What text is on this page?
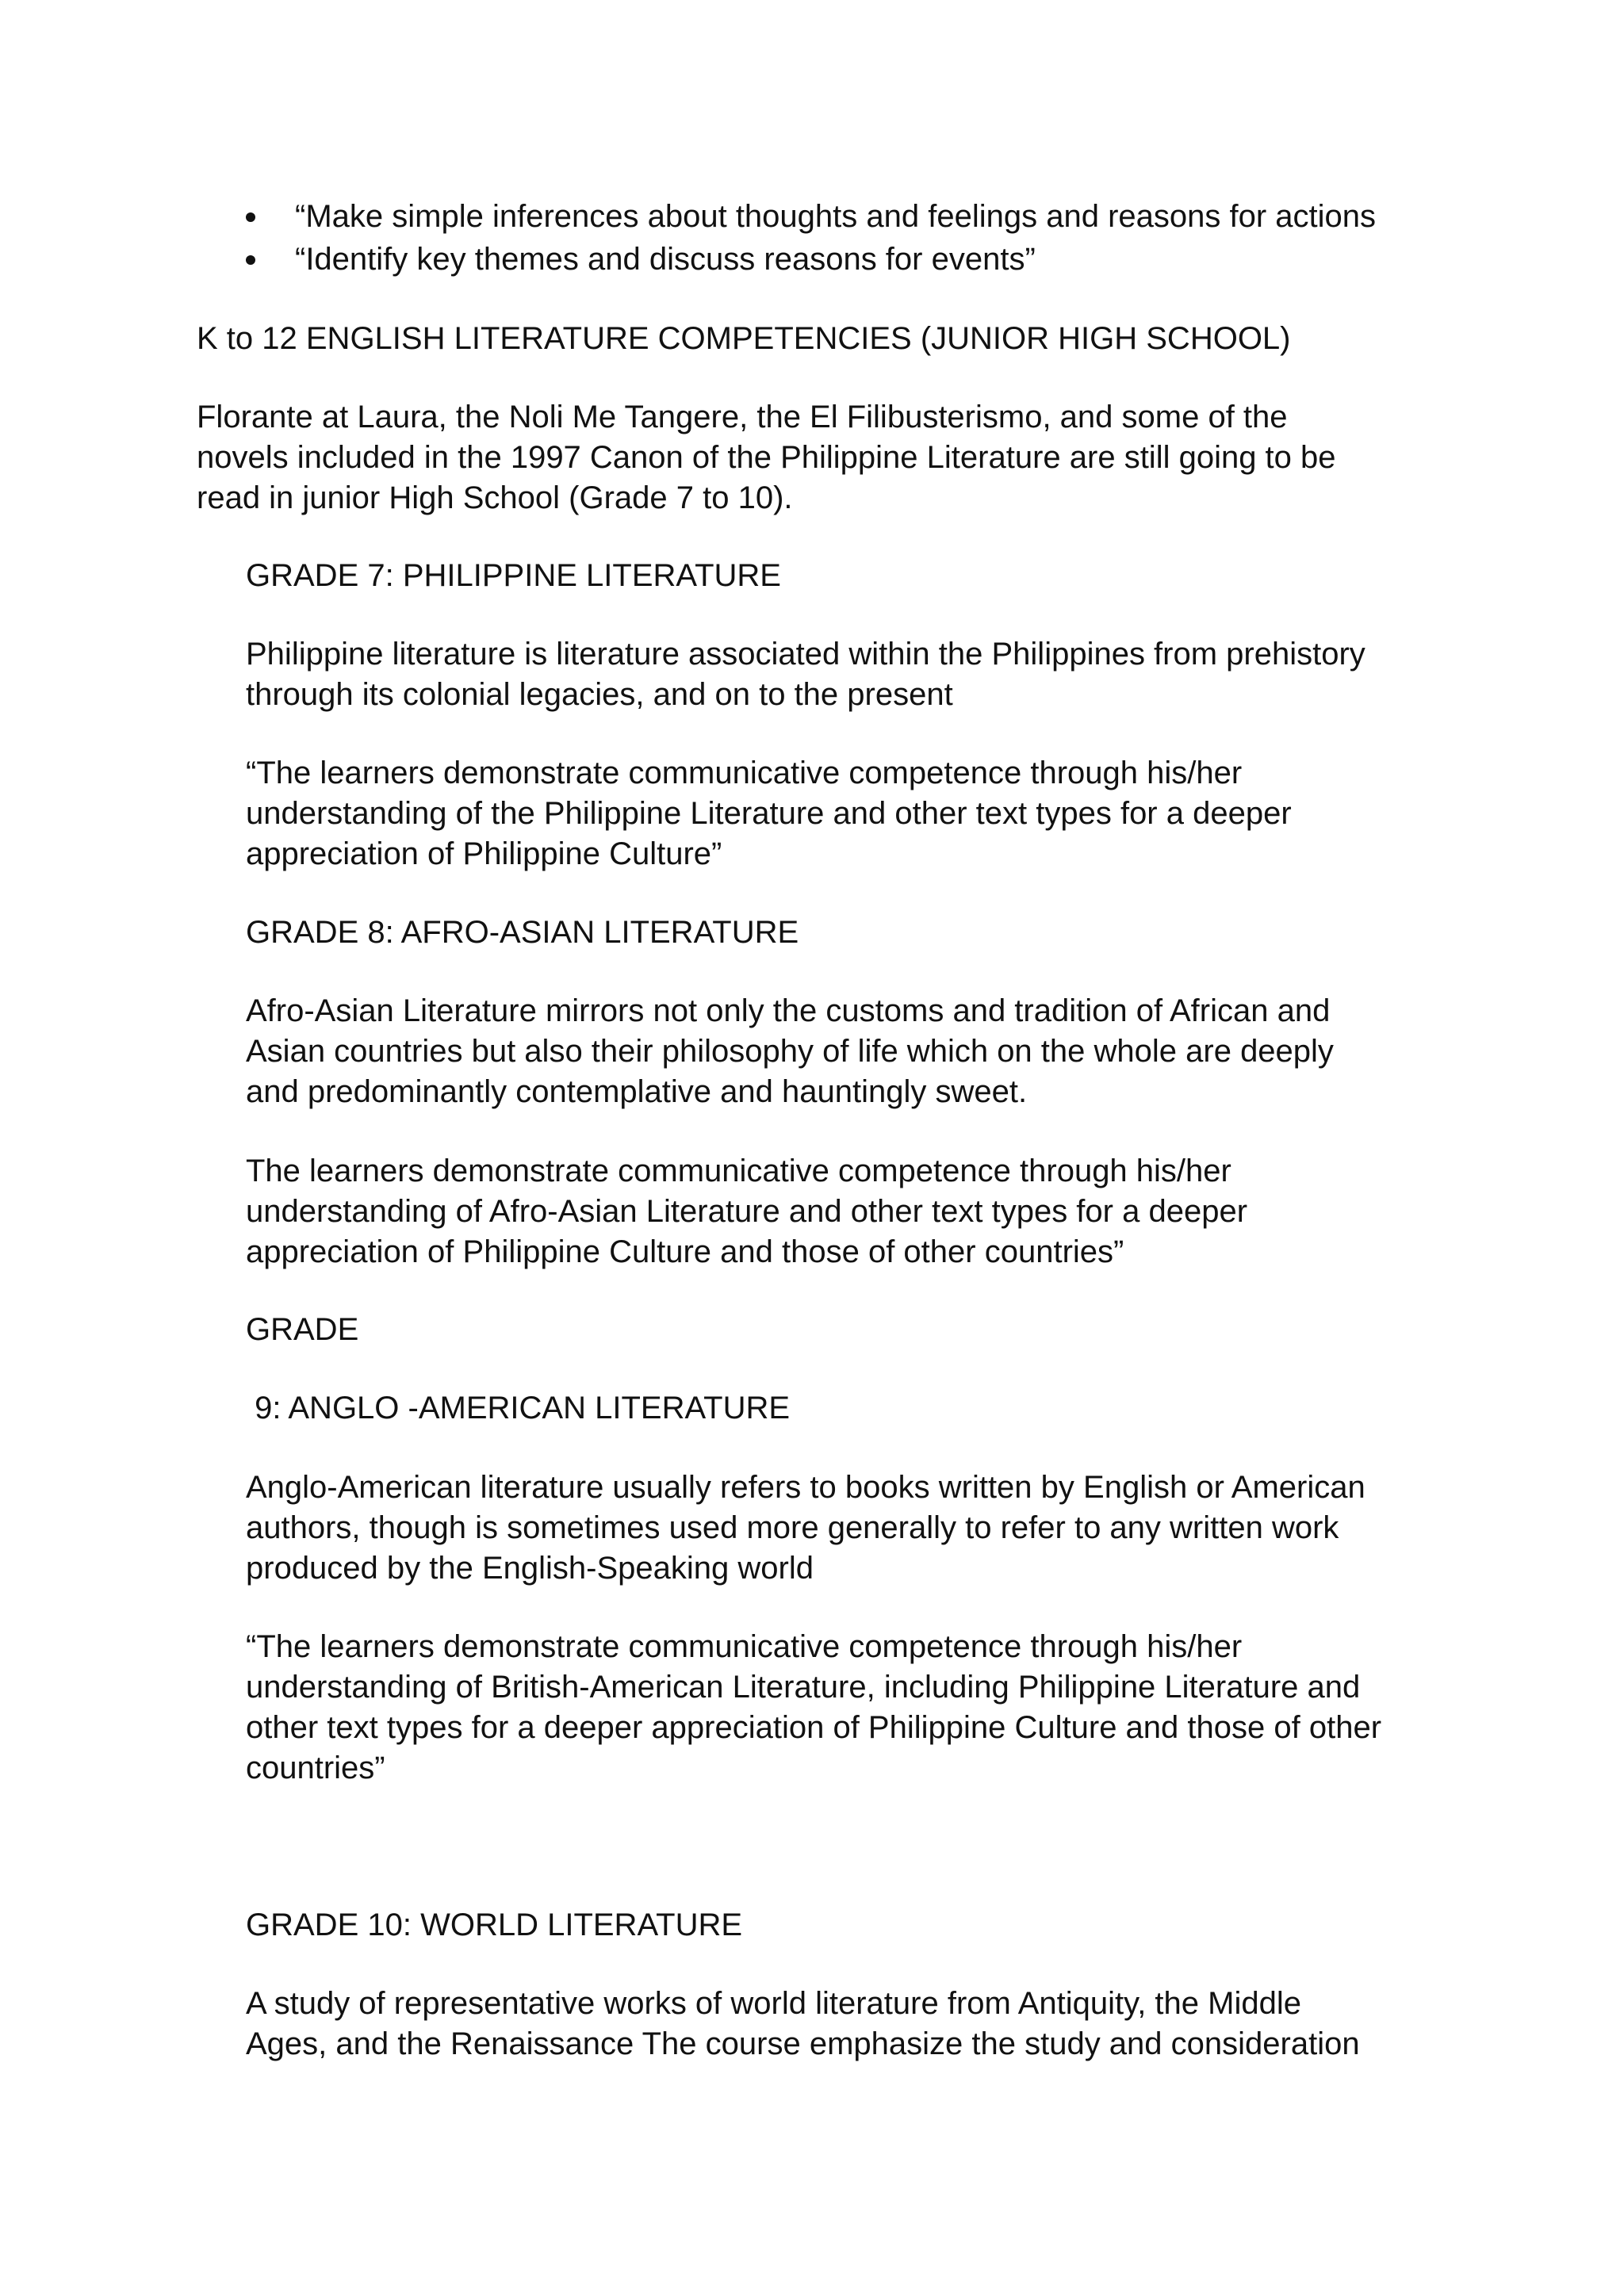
“Make simple inferences about thoughts and feelings and reasons for actions
“Identify key themes and discuss reasons for events”

K to 12 ENGLISH LITERATURE COMPETENCIES (JUNIOR HIGH SCHOOL)

Florante at Laura, the Noli Me Tangere, the El Filibusterismo, and some of the
novels included in the 1997 Canon of the Philippine Literature are still going to be
read in junior High School (Grade 7 to 10).

GRADE 7: PHILIPPINE LITERATURE

Philippine literature is literature associated within the Philippines from prehistory
through its colonial legacies, and on to the present
“The learners demonstrate communicative competence through his/her
understanding of the Philippine Literature and other text types for a deeper
appreciation of Philippine Culture”

GRADE 8: AFRO-ASIAN LITERATURE

Afro-Asian Literature mirrors not only the customs and tradition of African and
Asian countries but also their philosophy of life which on the whole are deeply
and predominantly contemplative and hauntingly sweet.
The learners demonstrate communicative competence through his/her
understanding of Afro-Asian Literature and other text types for a deeper
appreciation of Philippine Culture and those of other countries”

GRADE

9: ANGLO -AMERICAN LITERATURE

Anglo-American literature usually refers to books written by English or American
authors, though is sometimes used more generally to refer to any written work
produced by the English-Speaking world
“The learners demonstrate communicative competence through his/her
understanding of British-American Literature, including Philippine Literature and
other text types for a deeper appreciation of Philippine Culture and those of other
countries”

GRADE 10: WORLD LITERATURE

A study of representative works of world literature from Antiquity, the Middle
Ages, and the Renaissance The course emphasize the study and consideration
